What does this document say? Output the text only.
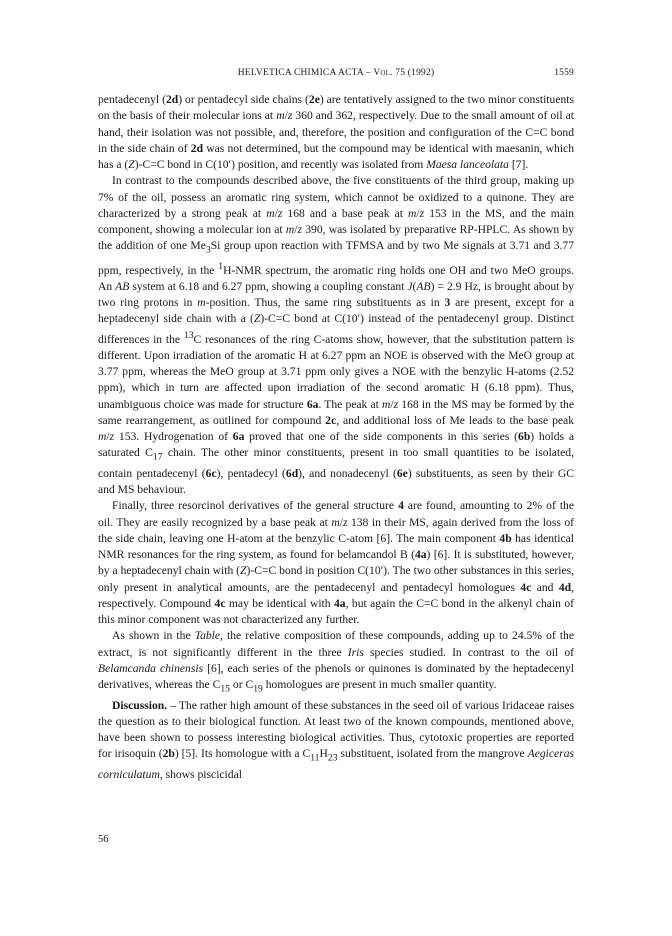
HELVETICA CHIMICA ACTA – Vol. 75 (1992)	1559

pentadecenyl (2d) or pentadecyl side chains (2e) are tentatively assigned to the two minor constituents on the basis of their molecular ions at m/z 360 and 362, respectively. Due to the small amount of oil at hand, their isolation was not possible, and, therefore, the position and configuration of the C=C bond in the side chain of 2d was not determined, but the compound may be identical with maesanin, which has a (Z)-C=C bond in C(10′) position, and recently was isolated from Maesa lanceolata [7].

In contrast to the compounds described above, the five constituents of the third group, making up 7% of the oil, possess an aromatic ring system, which cannot be oxidized to a quinone. They are characterized by a strong peak at m/z 168 and a base peak at m/z 153 in the MS, and the main component, showing a molecular ion at m/z 390, was isolated by preparative RP-HPLC. As shown by the addition of one $Me_3Si$ group upon reaction with TFMSA and by two Me signals at 3.71 and 3.77 ppm, respectively, in the $^1$H-NMR spectrum, the aromatic ring holds one OH and two MeO groups. An AB system at 6.18 and 6.27 ppm, showing a coupling constant J(AB) = 2.9 Hz, is brought about by two ring protons in m-position. Thus, the same ring substituents as in 3 are present, except for a heptadecenyl side chain with a (Z)-C=C bond at C(10′) instead of the pentadecenyl group. Distinct differences in the $^{13}$C resonances of the ring C-atoms show, however, that the substitution pattern is different. Upon irradiation of the aromatic H at 6.27 ppm an NOE is observed with the MeO group at 3.77 ppm, whereas the MeO group at 3.71 ppm only gives a NOE with the benzylic H-atoms (2.52 ppm), which in turn are affected upon irradiation of the second aromatic H (6.18 ppm). Thus, unambiguous choice was made for structure 6a. The peak at m/z 168 in the MS may be formed by the same rearrangement, as outlined for compound 2c, and additional loss of Me leads to the base peak m/z 153. Hydrogenation of 6a proved that one of the side components in this series (6b) holds a saturated $C_{17}$ chain. The other minor constituents, present in too small quantities to be isolated, contain pentadecenyl (6c), pentadecyl (6d), and nonadecenyl (6e) substituents, as seen by their GC and MS behaviour.

Finally, three resorcinol derivatives of the general structure 4 are found, amounting to 2% of the oil. They are easily recognized by a base peak at m/z 138 in their MS, again derived from the loss of the side chain, leaving one H-atom at the benzylic C-atom [6]. The main component 4b has identical NMR resonances for the ring system, as found for belamcandol B (4a) [6]. It is substituted, however, by a heptadecenyl chain with (Z)-C=C bond in position C(10′). The two other substances in this series, only present in analytical amounts, are the pentadecenyl and pentadecyl homologues 4c and 4d, respectively. Compound 4c may be identical with 4a, but again the C=C bond in the alkenyl chain of this minor component was not characterized any further.

As shown in the Table, the relative composition of these compounds, adding up to 24.5% of the extract, is not significantly different in the three Iris species studied. In contrast to the oil of Belamcanda chinensis [6], each series of the phenols or quinones is dominated by the heptadecenyl derivatives, whereas the $C_{15}$ or $C_{19}$ homologues are present in much smaller quantity.

Discussion. – The rather high amount of these substances in the seed oil of various Iridaceae raises the question as to their biological function. At least two of the known compounds, mentioned above, have been shown to possess interesting biological activities. Thus, cytotoxic properties are reported for irisoquin (2b) [5]. Its homologue with a $C_{11}H_{23}$ substituent, isolated from the mangrove Aegiceras corniculatum, shows piscicidal

56
